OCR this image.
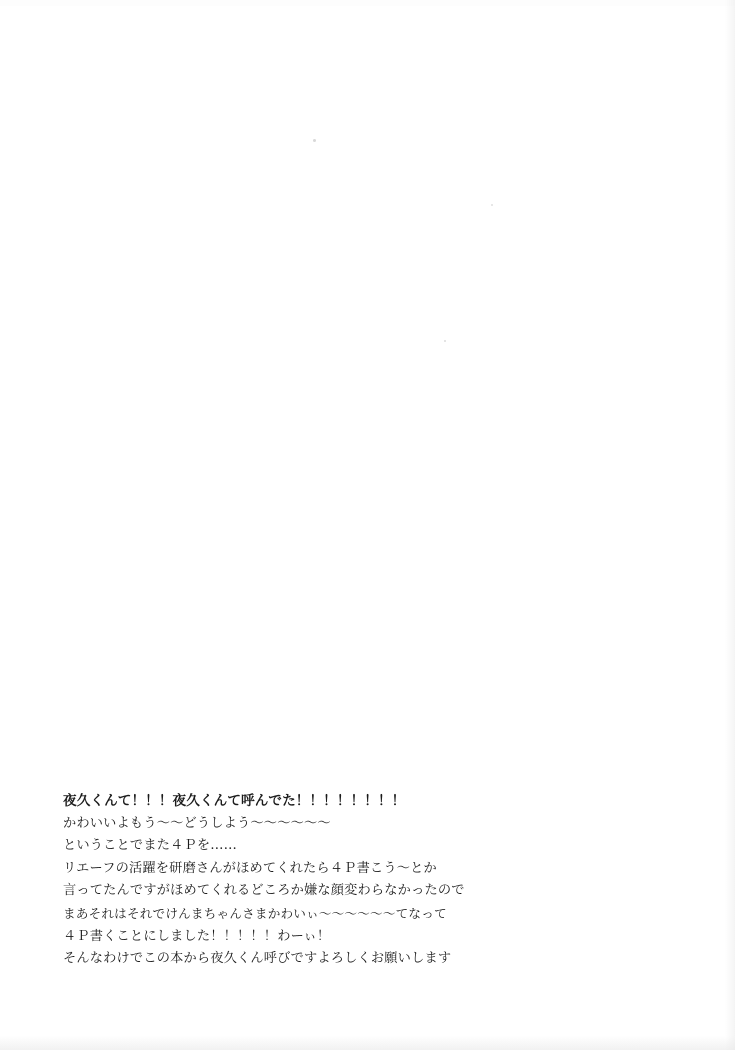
夜久くんて！！！夜久くんて呼んでた！！！！！！！！

かわいいよもう〜〜どうしよう〜〜〜〜〜〜

ということでまた４Ｐを……

リエーフの活躍を研磨さんがほめてくれたら４Ｐ書こう〜とか

言ってたんですがほめてくれるどころか嫌な顔変わらなかったので

まあそれはそれでけんまちゃんさまかわいぃ〜〜〜〜〜〜てなって

４Ｐ書くことにしました！！！！！わーぃ！

そんなわけでこの本から夜久くん呼びですよろしくお願いします
